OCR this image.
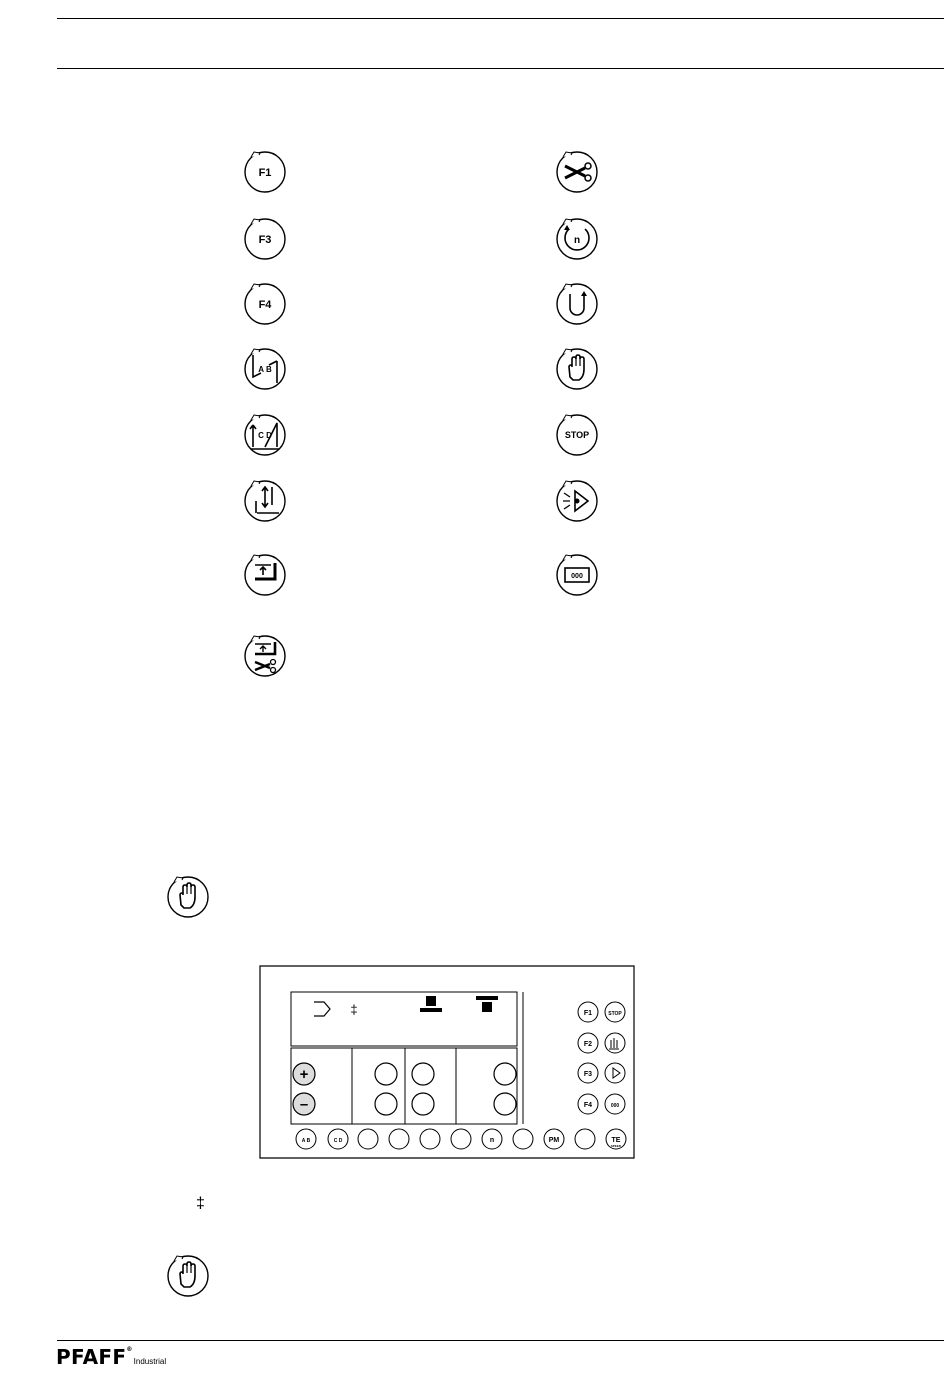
‡
+
–
F1	STOP
F2
F3
F4	000
A B	C D	n	PM	TE
SPEED
‡
PFAFF®Industrial
F1
F3
F4
A B
C D
n
STOP
000
